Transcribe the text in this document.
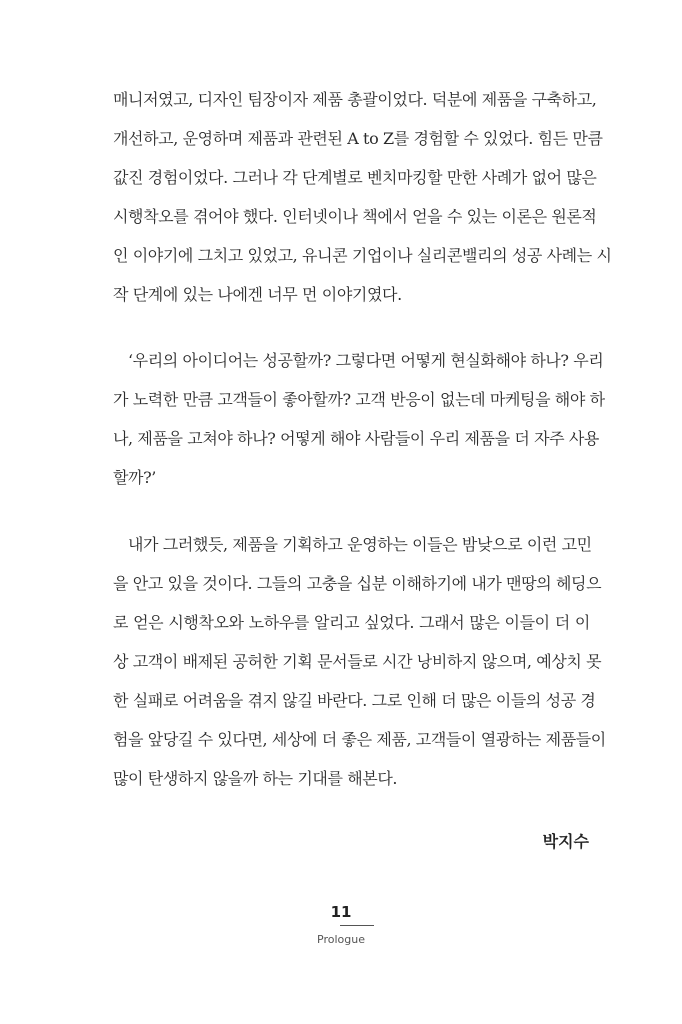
매니저였고, 디자인 팀장이자 제품 총괄이었다. 덕분에 제품을 구축하고,
개선하고, 운영하며 제품과 관련된 A to Z를 경험할 수 있었다. 힘든 만큼
값진 경험이었다. 그러나 각 단계별로 벤치마킹할 만한 사례가 없어 많은
시행착오를 겪어야 했다. 인터넷이나 책에서 얻을 수 있는 이론은 원론적
인 이야기에 그치고 있었고, 유니콘 기업이나 실리콘밸리의 성공 사례는 시
작 단계에 있는 나에겐 너무 먼 이야기였다.
‘우리의 아이디어는 성공할까? 그렇다면 어떻게 현실화해야 하나? 우리
가 노력한 만큼 고객들이 좋아할까? 고객 반응이 없는데 마케팅을 해야 하
나, 제품을 고쳐야 하나? 어떻게 해야 사람들이 우리 제품을 더 자주 사용
할까?’
내가 그러했듯, 제품을 기획하고 운영하는 이들은 밤낮으로 이런 고민
을 안고 있을 것이다. 그들의 고충을 십분 이해하기에 내가 맨땅의 헤딩으
로 얻은 시행착오와 노하우를 알리고 싶었다. 그래서 많은 이들이 더 이
상 고객이 배제된 공허한 기획 문서들로 시간 낭비하지 않으며, 예상치 못
한 실패로 어려움을 겪지 않길 바란다. 그로 인해 더 많은 이들의 성공 경
험을 앞당길 수 있다면, 세상에 더 좋은 제품, 고객들이 열광하는 제품들이
많이 탄생하지 않을까 하는 기대를 해본다.
박지수
11
Prologue
